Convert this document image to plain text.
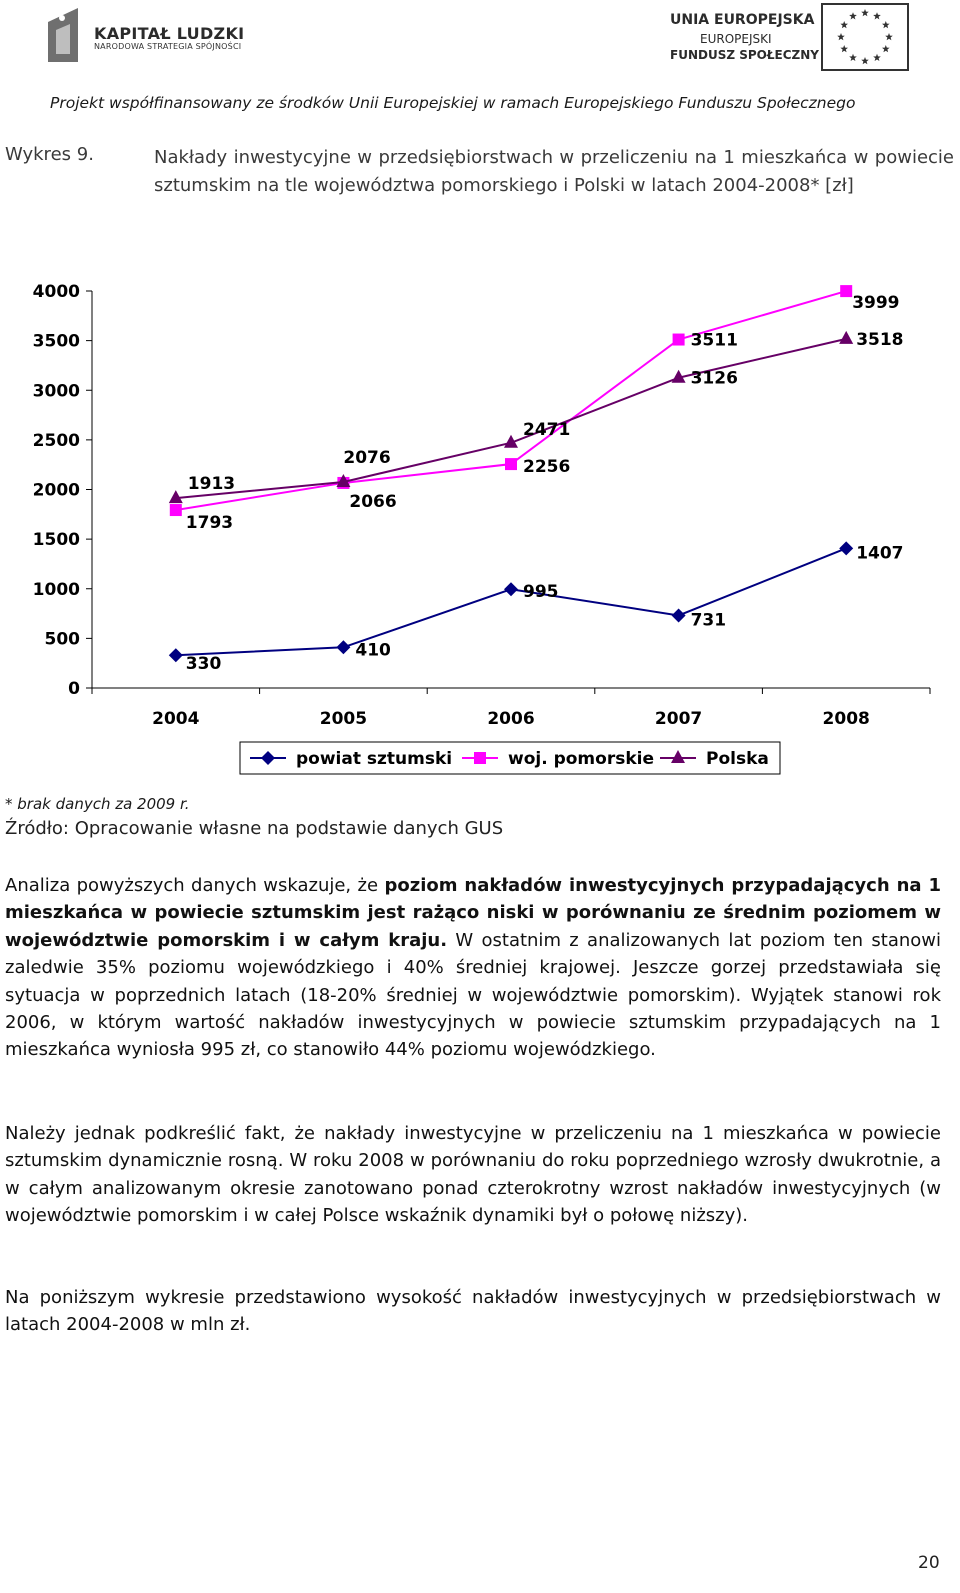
KAPITAŁ LUDZKI
NARODOWA STRATEGIA SPÓJNOŚCI
UNIA EUROPEJSKA
EUROPEJSKI
FUNDUSZ SPOŁECZNY
Projekt współfinansowany ze środków Unii Europejskiej w ramach Europejskiego Funduszu Społecznego
Wykres 9.	Nakłady inwestycyjne w przedsiębiorstwach w przeliczeniu na 1 mieszkańca w powiecie sztumskim na tle województwa pomorskiego i Polski w latach 2004-2008* [zł]
0
500
1000
1500
2000
2500
3000
3500
4000
2004	2005	2006	2007	2008
330
410
995
731
1407
1793
2066
2256
3511
3999
1913
2076
2471
3126
3518
powiat sztumski	woj. pomorskie	Polska
* brak danych za 2009 r.
Źródło: Opracowanie własne na podstawie danych GUS
Analiza powyższych danych wskazuje, że poziom nakładów inwestycyjnych przypadających na 1 mieszkańca w powiecie sztumskim jest rażąco niski w porównaniu ze średnim poziomem w województwie pomorskim i w całym kraju. W ostatnim z analizowanych lat poziom ten stanowi zaledwie 35% poziomu wojewódzkiego i 40% średniej krajowej. Jeszcze gorzej przedstawiała się sytuacja w poprzednich latach (18-20% średniej w województwie pomorskim). Wyjątek stanowi rok 2006, w którym wartość nakładów inwestycyjnych w powiecie sztumskim przypadających na 1 mieszkańca wyniosła 995 zł, co stanowiło 44% poziomu wojewódzkiego.
Należy jednak podkreślić fakt, że nakłady inwestycyjne w przeliczeniu na 1 mieszkańca w powiecie sztumskim dynamicznie rosną. W roku 2008 w porównaniu do roku poprzedniego wzrosły dwukrotnie, a w całym analizowanym okresie zanotowano ponad czterokrotny wzrost nakładów inwestycyjnych (w województwie pomorskim i w całej Polsce wskaźnik dynamiki był o połowę niższy).
Na poniższym wykresie przedstawiono wysokość nakładów inwestycyjnych w przedsiębiorstwach w latach 2004-2008 w mln zł.
20
